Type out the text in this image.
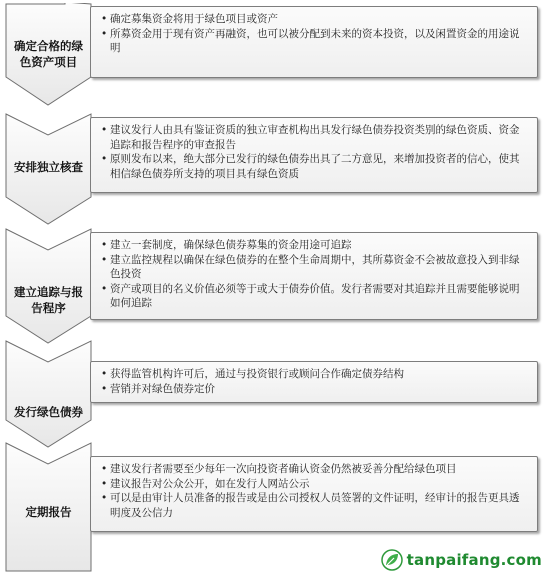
确定合格的绿色资产项目
• 确定募集资金将用于绿色项目或资产
• 所募资金用于现有资产再融资，也可以被分配到未来的资本投资，以及闲置资金的用途说明
安排独立核查
• 建议发行人由具有鉴证资质的独立审查机构出具发行绿色债券投资类别的绿色资质、资金追踪和报告程序的审查报告
• 原则发布以来，绝大部分已发行的绿色债券出具了二方意见，来增加投资者的信心，使其相信绿色债券所支持的项目具有绿色资质
建立追踪与报告程序
• 建立一套制度，确保绿色债券募集的资金用途可追踪
• 建立监控规程以确保在绿色债券的在整个生命周期中，其所募资金不会被故意投入到非绿色投资
• 资产或项目的名义价值必须等于或大于债券价值。发行者需要对其追踪并且需要能够说明如何追踪
发行绿色债券
• 获得监管机构许可后，通过与投资银行或顾问合作确定债券结构
• 营销并对绿色债券定价
定期报告
• 建议发行者需要至少每年一次向投资者确认资金仍然被妥善分配给绿色项目
• 建议报告对公众公开，如在发行人网站公示
• 可以是由审计人员准备的报告或是由公司授权人员签署的文件证明，经审计的报告更具透明度及公信力
tanpaifang.com
